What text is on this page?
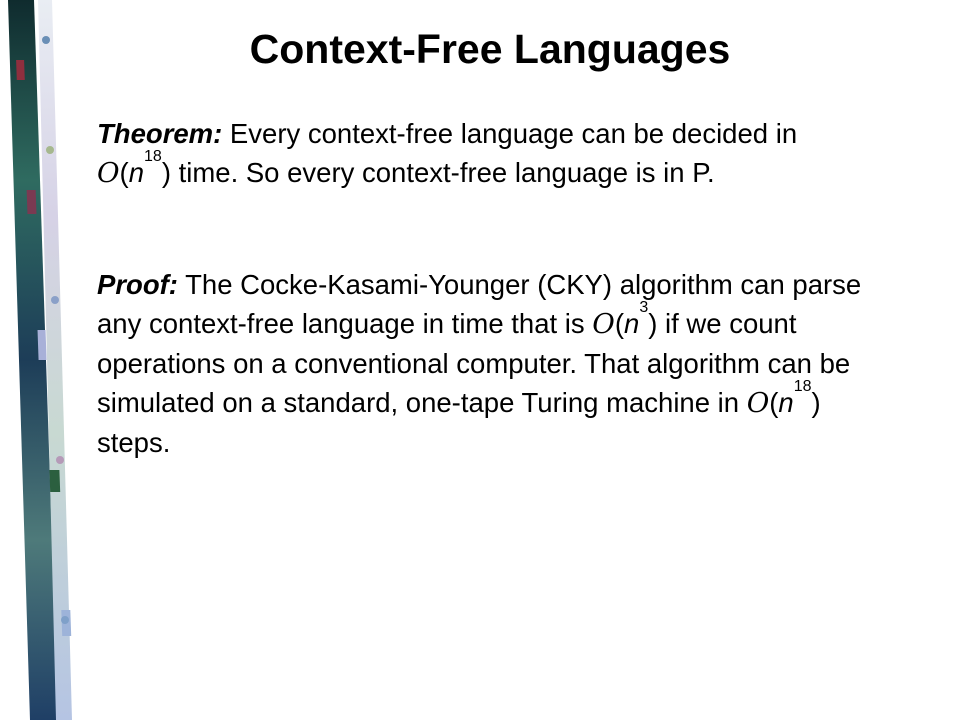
Context-Free Languages
Theorem: Every context-free language can be decided in $O(n^{18})$ time. So every context-free language is in P.
Proof: The Cocke-Kasami-Younger (CKY) algorithm can parse any context-free language in time that is $O(n^3)$ if we count operations on a conventional computer. That algorithm can be simulated on a standard, one-tape Turing machine in $O(n^{18})$ steps.
